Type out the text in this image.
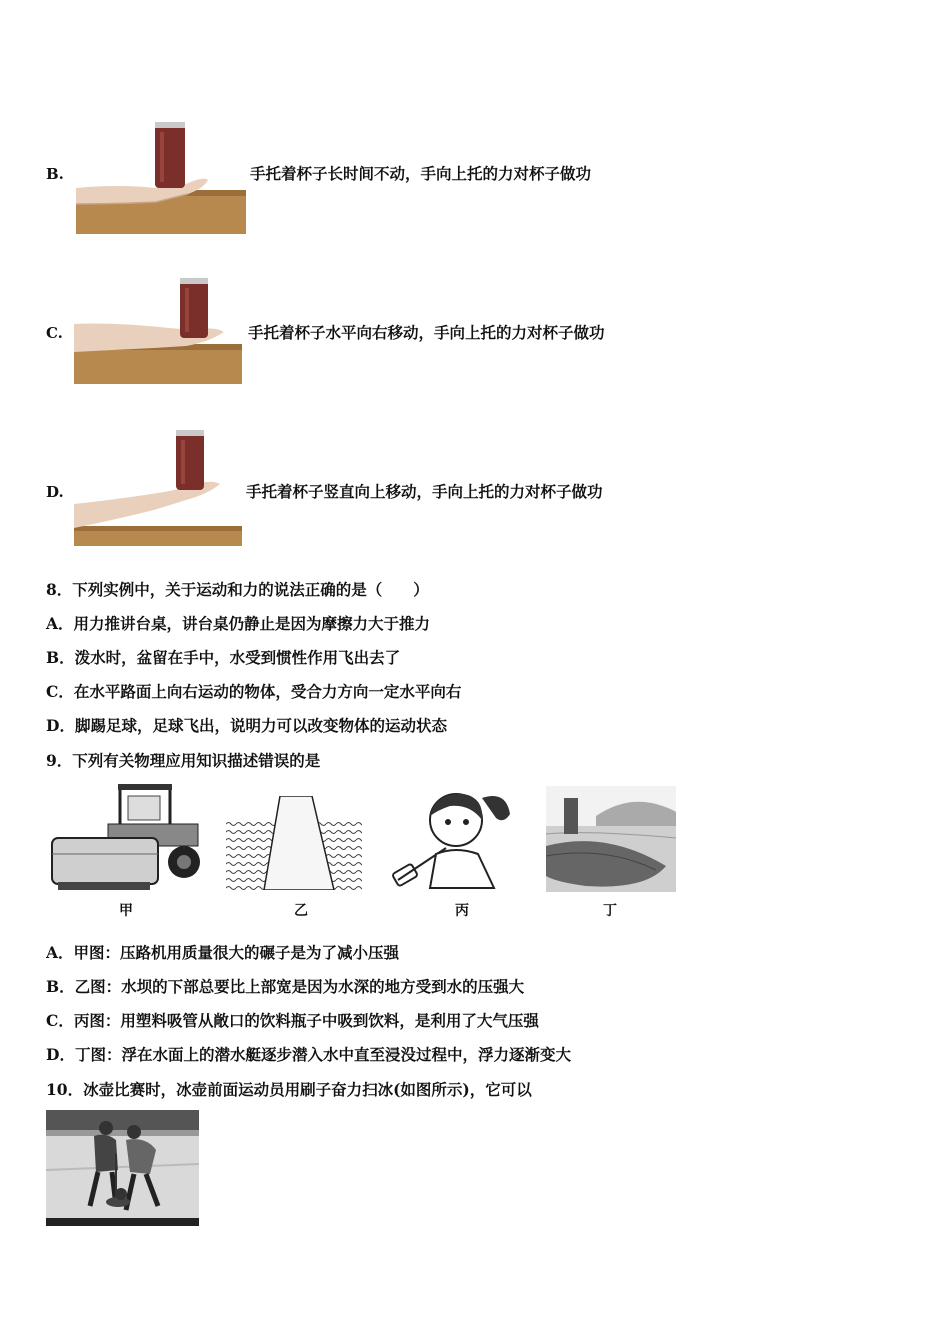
B.	手托着杯子长时间不动，手向上托的力对杯子做功
C.	手托着杯子水平向右移动，手向上托的力对杯子做功
D.	手托着杯子竖直向上移动，手向上托的力对杯子做功
8．下列实例中，关于运动和力的说法正确的是（　　）
A．用力推讲台桌，讲台桌仍静止是因为摩擦力大于推力
B．泼水时，盆留在手中，水受到惯性作用飞出去了
C．在水平路面上向右运动的物体，受合力方向一定水平向右
D．脚踢足球，足球飞出，说明力可以改变物体的运动状态
9．下列有关物理应用知识描述错误的是
甲	乙	丙	丁
A．甲图：压路机用质量很大的碾子是为了减小压强
B．乙图：水坝的下部总要比上部宽是因为水深的地方受到水的压强大
C．丙图：用塑料吸管从敞口的饮料瓶子中吸到饮料，是利用了大气压强
D．丁图：浮在水面上的潜水艇逐步潜入水中直至浸没过程中，浮力逐渐变大
10．冰壶比赛时，冰壶前面运动员用刷子奋力扫冰(如图所示)，它可以
